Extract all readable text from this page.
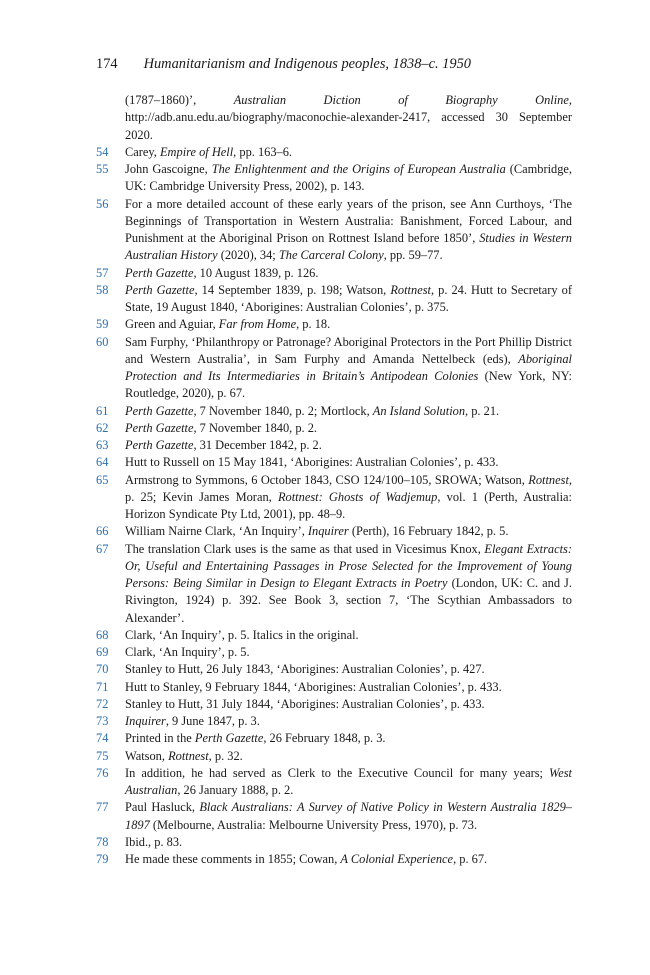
174 Humanitarianism and Indigenous peoples, 1838–c. 1950
(1787–1860)’, Australian Diction of Biography Online, http://adb.anu.edu.au/biography/maconochie-alexander-2417, accessed 30 September 2020.
54	Carey, Empire of Hell, pp. 163–6.
55	John Gascoigne, The Enlightenment and the Origins of European Australia (Cambridge, UK: Cambridge University Press, 2002), p. 143.
56	For a more detailed account of these early years of the prison, see Ann Curthoys, ‘The Beginnings of Transportation in Western Australia: Banishment, Forced Labour, and Punishment at the Aboriginal Prison on Rottnest Island before 1850’, Studies in Western Australian History (2020), 34; The Carceral Colony, pp. 59–77.
57	Perth Gazette, 10 August 1839, p. 126.
58	Perth Gazette, 14 September 1839, p. 198; Watson, Rottnest, p. 24. Hutt to Secretary of State, 19 August 1840, ‘Aborigines: Australian Colonies’, p. 375.
59	Green and Aguiar, Far from Home, p. 18.
60	Sam Furphy, ‘Philanthropy or Patronage? Aboriginal Protectors in the Port Phillip District and Western Australia’, in Sam Furphy and Amanda Nettelbeck (eds), Aboriginal Protection and Its Intermediaries in Britain’s Antipodean Colonies (New York, NY: Routledge, 2020), p. 67.
61	Perth Gazette, 7 November 1840, p. 2; Mortlock, An Island Solution, p. 21.
62	Perth Gazette, 7 November 1840, p. 2.
63	Perth Gazette, 31 December 1842, p. 2.
64	Hutt to Russell on 15 May 1841, ‘Aborigines: Australian Colonies’, p. 433.
65	Armstrong to Symmons, 6 October 1843, CSO 124/100–105, SROWA; Watson, Rottnest, p. 25; Kevin James Moran, Rottnest: Ghosts of Wadjemup, vol. 1 (Perth, Australia: Horizon Syndicate Pty Ltd, 2001), pp. 48–9.
66	William Nairne Clark, ‘An Inquiry’, Inquirer (Perth), 16 February 1842, p. 5.
67	The translation Clark uses is the same as that used in Vicesimus Knox, Elegant Extracts: Or, Useful and Entertaining Passages in Prose Selected for the Improvement of Young Persons: Being Similar in Design to Elegant Extracts in Poetry (London, UK: C. and J. Rivington, 1924) p. 392. See Book 3, section 7, ‘The Scythian Ambassadors to Alexander’.
68	Clark, ‘An Inquiry’, p. 5. Italics in the original.
69	Clark, ‘An Inquiry’, p. 5.
70	Stanley to Hutt, 26 July 1843, ‘Aborigines: Australian Colonies’, p. 427.
71	Hutt to Stanley, 9 February 1844, ‘Aborigines: Australian Colonies’, p. 433.
72	Stanley to Hutt, 31 July 1844, ‘Aborigines: Australian Colonies’, p. 433.
73	Inquirer, 9 June 1847, p. 3.
74	Printed in the Perth Gazette, 26 February 1848, p. 3.
75	Watson, Rottnest, p. 32.
76	In addition, he had served as Clerk to the Executive Council for many years; West Australian, 26 January 1888, p. 2.
77	Paul Hasluck, Black Australians: A Survey of Native Policy in Western Australia 1829–1897 (Melbourne, Australia: Melbourne University Press, 1970), p. 73.
78	Ibid., p. 83.
79	He made these comments in 1855; Cowan, A Colonial Experience, p. 67.
